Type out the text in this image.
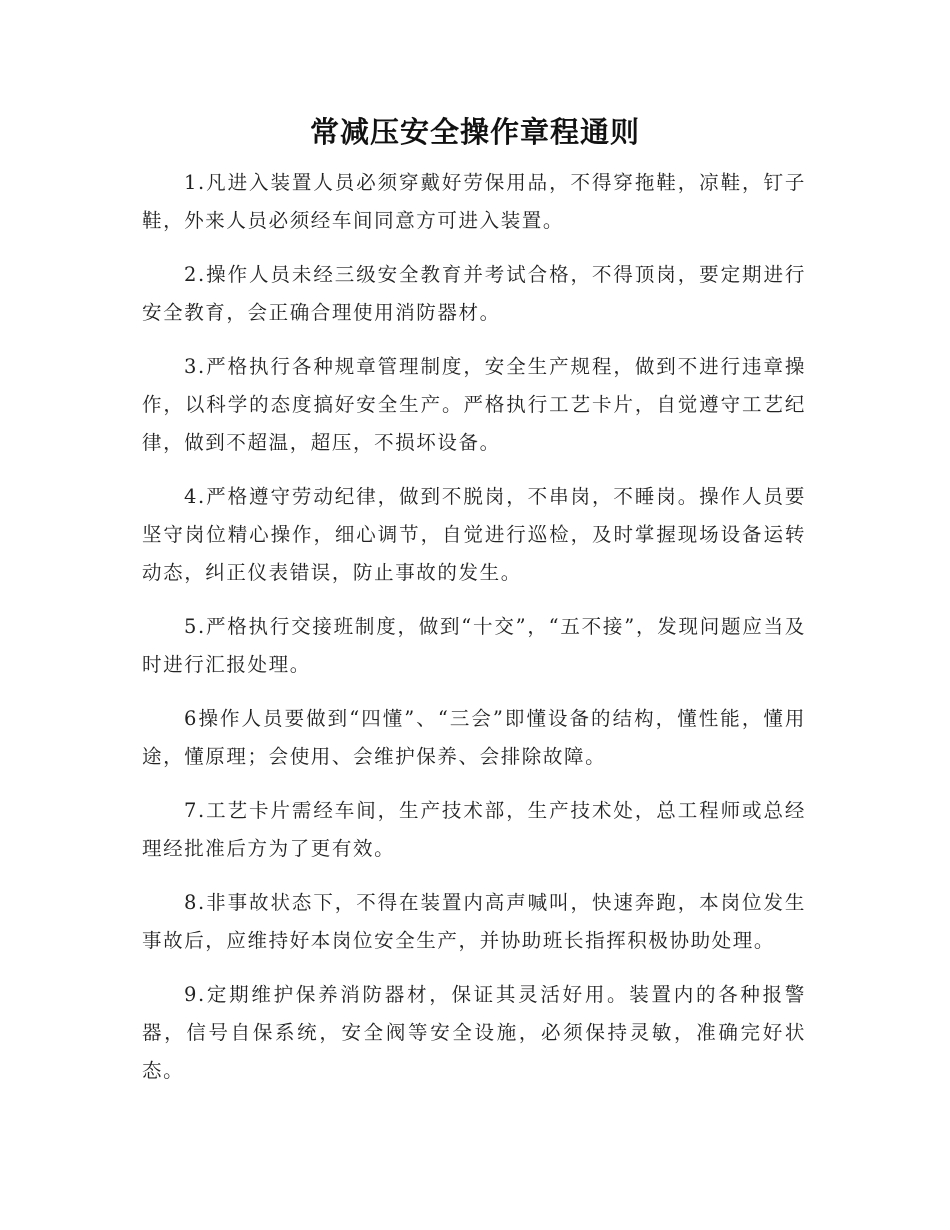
常减压安全操作章程通则

1.凡进入装置人员必须穿戴好劳保用品，不得穿拖鞋，凉鞋，钉子鞋，外来人员必须经车间同意方可进入装置。

2.操作人员未经三级安全教育并考试合格，不得顶岗，要定期进行安全教育，会正确合理使用消防器材。

3.严格执行各种规章管理制度，安全生产规程，做到不进行违章操作，以科学的态度搞好安全生产。严格执行工艺卡片，自觉遵守工艺纪律，做到不超温，超压，不损坏设备。

4.严格遵守劳动纪律，做到不脱岗，不串岗，不睡岗。操作人员要坚守岗位精心操作，细心调节，自觉进行巡检，及时掌握现场设备运转动态，纠正仪表错误，防止事故的发生。

5.严格执行交接班制度，做到“十交”，“五不接”，发现问题应当及时进行汇报处理。

6操作人员要做到“四懂”、“三会”即懂设备的结构，懂性能，懂用途，懂原理；会使用、会维护保养、会排除故障。

7.工艺卡片需经车间，生产技术部，生产技术处，总工程师或总经理经批准后方为了更有效。

8.非事故状态下，不得在装置内高声喊叫，快速奔跑，本岗位发生事故后，应维持好本岗位安全生产，并协助班长指挥积极协助处理。

9.定期维护保养消防器材，保证其灵活好用。装置内的各种报警器，信号自保系统，安全阀等安全设施，必须保持灵敏，准确完好状态。
